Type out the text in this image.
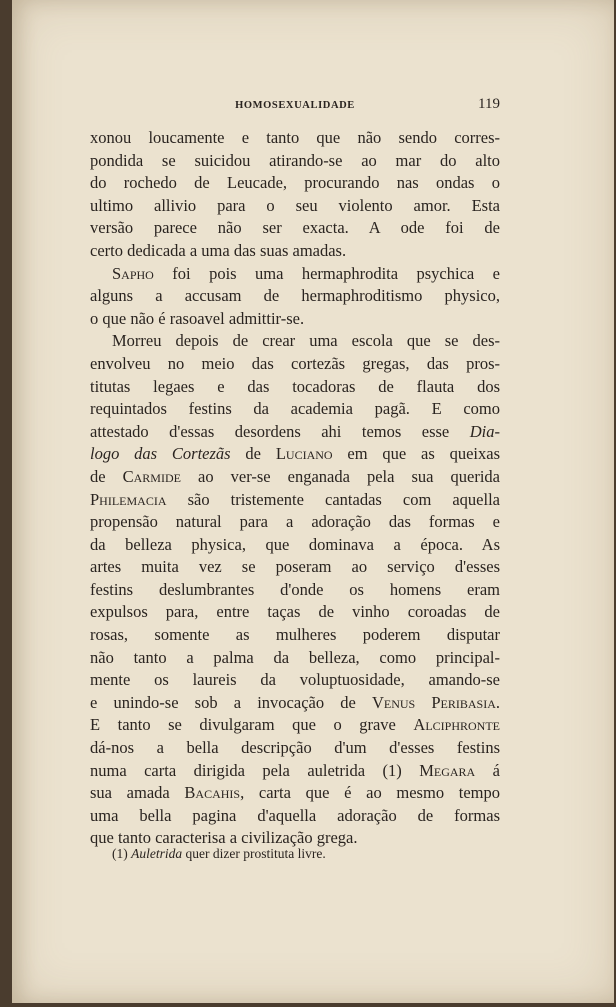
HOMOSEXUALIDADE	119
xonou loucamente e tanto que não sendo corres-
pondida se suicidou atirando-se ao mar do alto
do rochedo de Leucade, procurando nas ondas o
ultimo allivio para o seu violento amor. Esta
versão parece não ser exacta. A ode foi de
certo dedicada a uma das suas amadas.
Sapho foi pois uma hermaphrodita psychica e
alguns a accusam de hermaphroditismo physico,
o que não é rasoavel admittir-se.
Morreu depois de crear uma escola que se des-
envolveu no meio das cortezãs gregas, das pros-
titutas legaes e das tocadoras de flauta dos
requintados festins da academia pagã. E como
attestado d'essas desordens ahi temos esse Dia-
logo das Cortezãs de Luciano em que as queixas
de Carmide ao ver-se enganada pela sua querida
Philemacia são tristemente cantadas com aquella
propensão natural para a adoração das formas e
da belleza physica, que dominava a época. As
artes muita vez se poseram ao serviço d'esses
festins deslumbrantes d'onde os homens eram
expulsos para, entre taças de vinho coroadas de
rosas, somente as mulheres poderem disputar
não tanto a palma da belleza, como principal-
mente os laureis da voluptuosidade, amando-se
e unindo-se sob a invocação de Venus Peribasia.
E tanto se divulgaram que o grave Alciphronte
dá-nos a bella descripção d'um d'esses festins
numa carta dirigida pela auletrida (1) Megara á
sua amada Bacahis, carta que é ao mesmo tempo
uma bella pagina d'aquella adoração de formas
que tanto caracterisa a civilização grega.
(1) Auletrida quer dizer prostituta livre.
